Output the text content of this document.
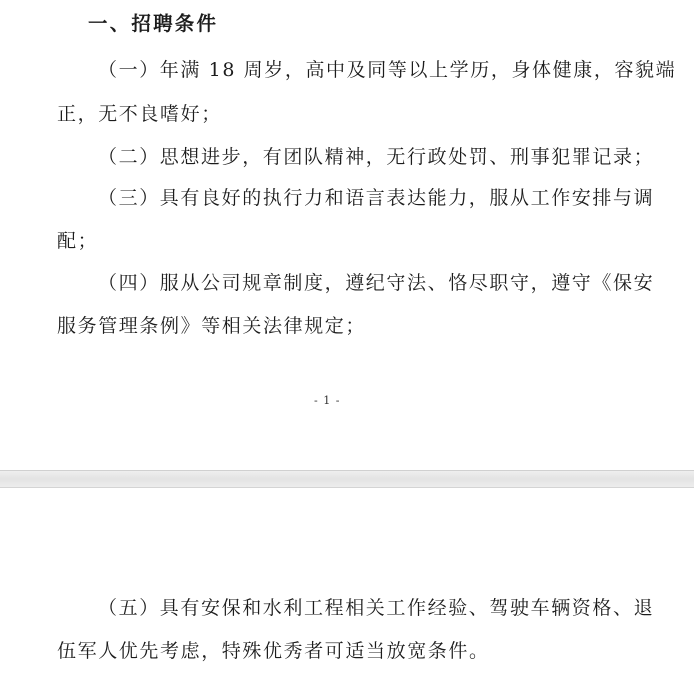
一、招聘条件
（一）年满 18 周岁，高中及同等以上学历，身体健康，容貌端
正，无不良嗜好；
（二）思想进步，有团队精神，无行政处罚、刑事犯罪记录；
（三）具有良好的执行力和语言表达能力，服从工作安排与调
配；
（四）服从公司规章制度，遵纪守法、恪尽职守，遵守《保安
服务管理条例》等相关法律规定；
- 1 -
（五）具有安保和水利工程相关工作经验、驾驶车辆资格、退
伍军人优先考虑，特殊优秀者可适当放宽条件。
